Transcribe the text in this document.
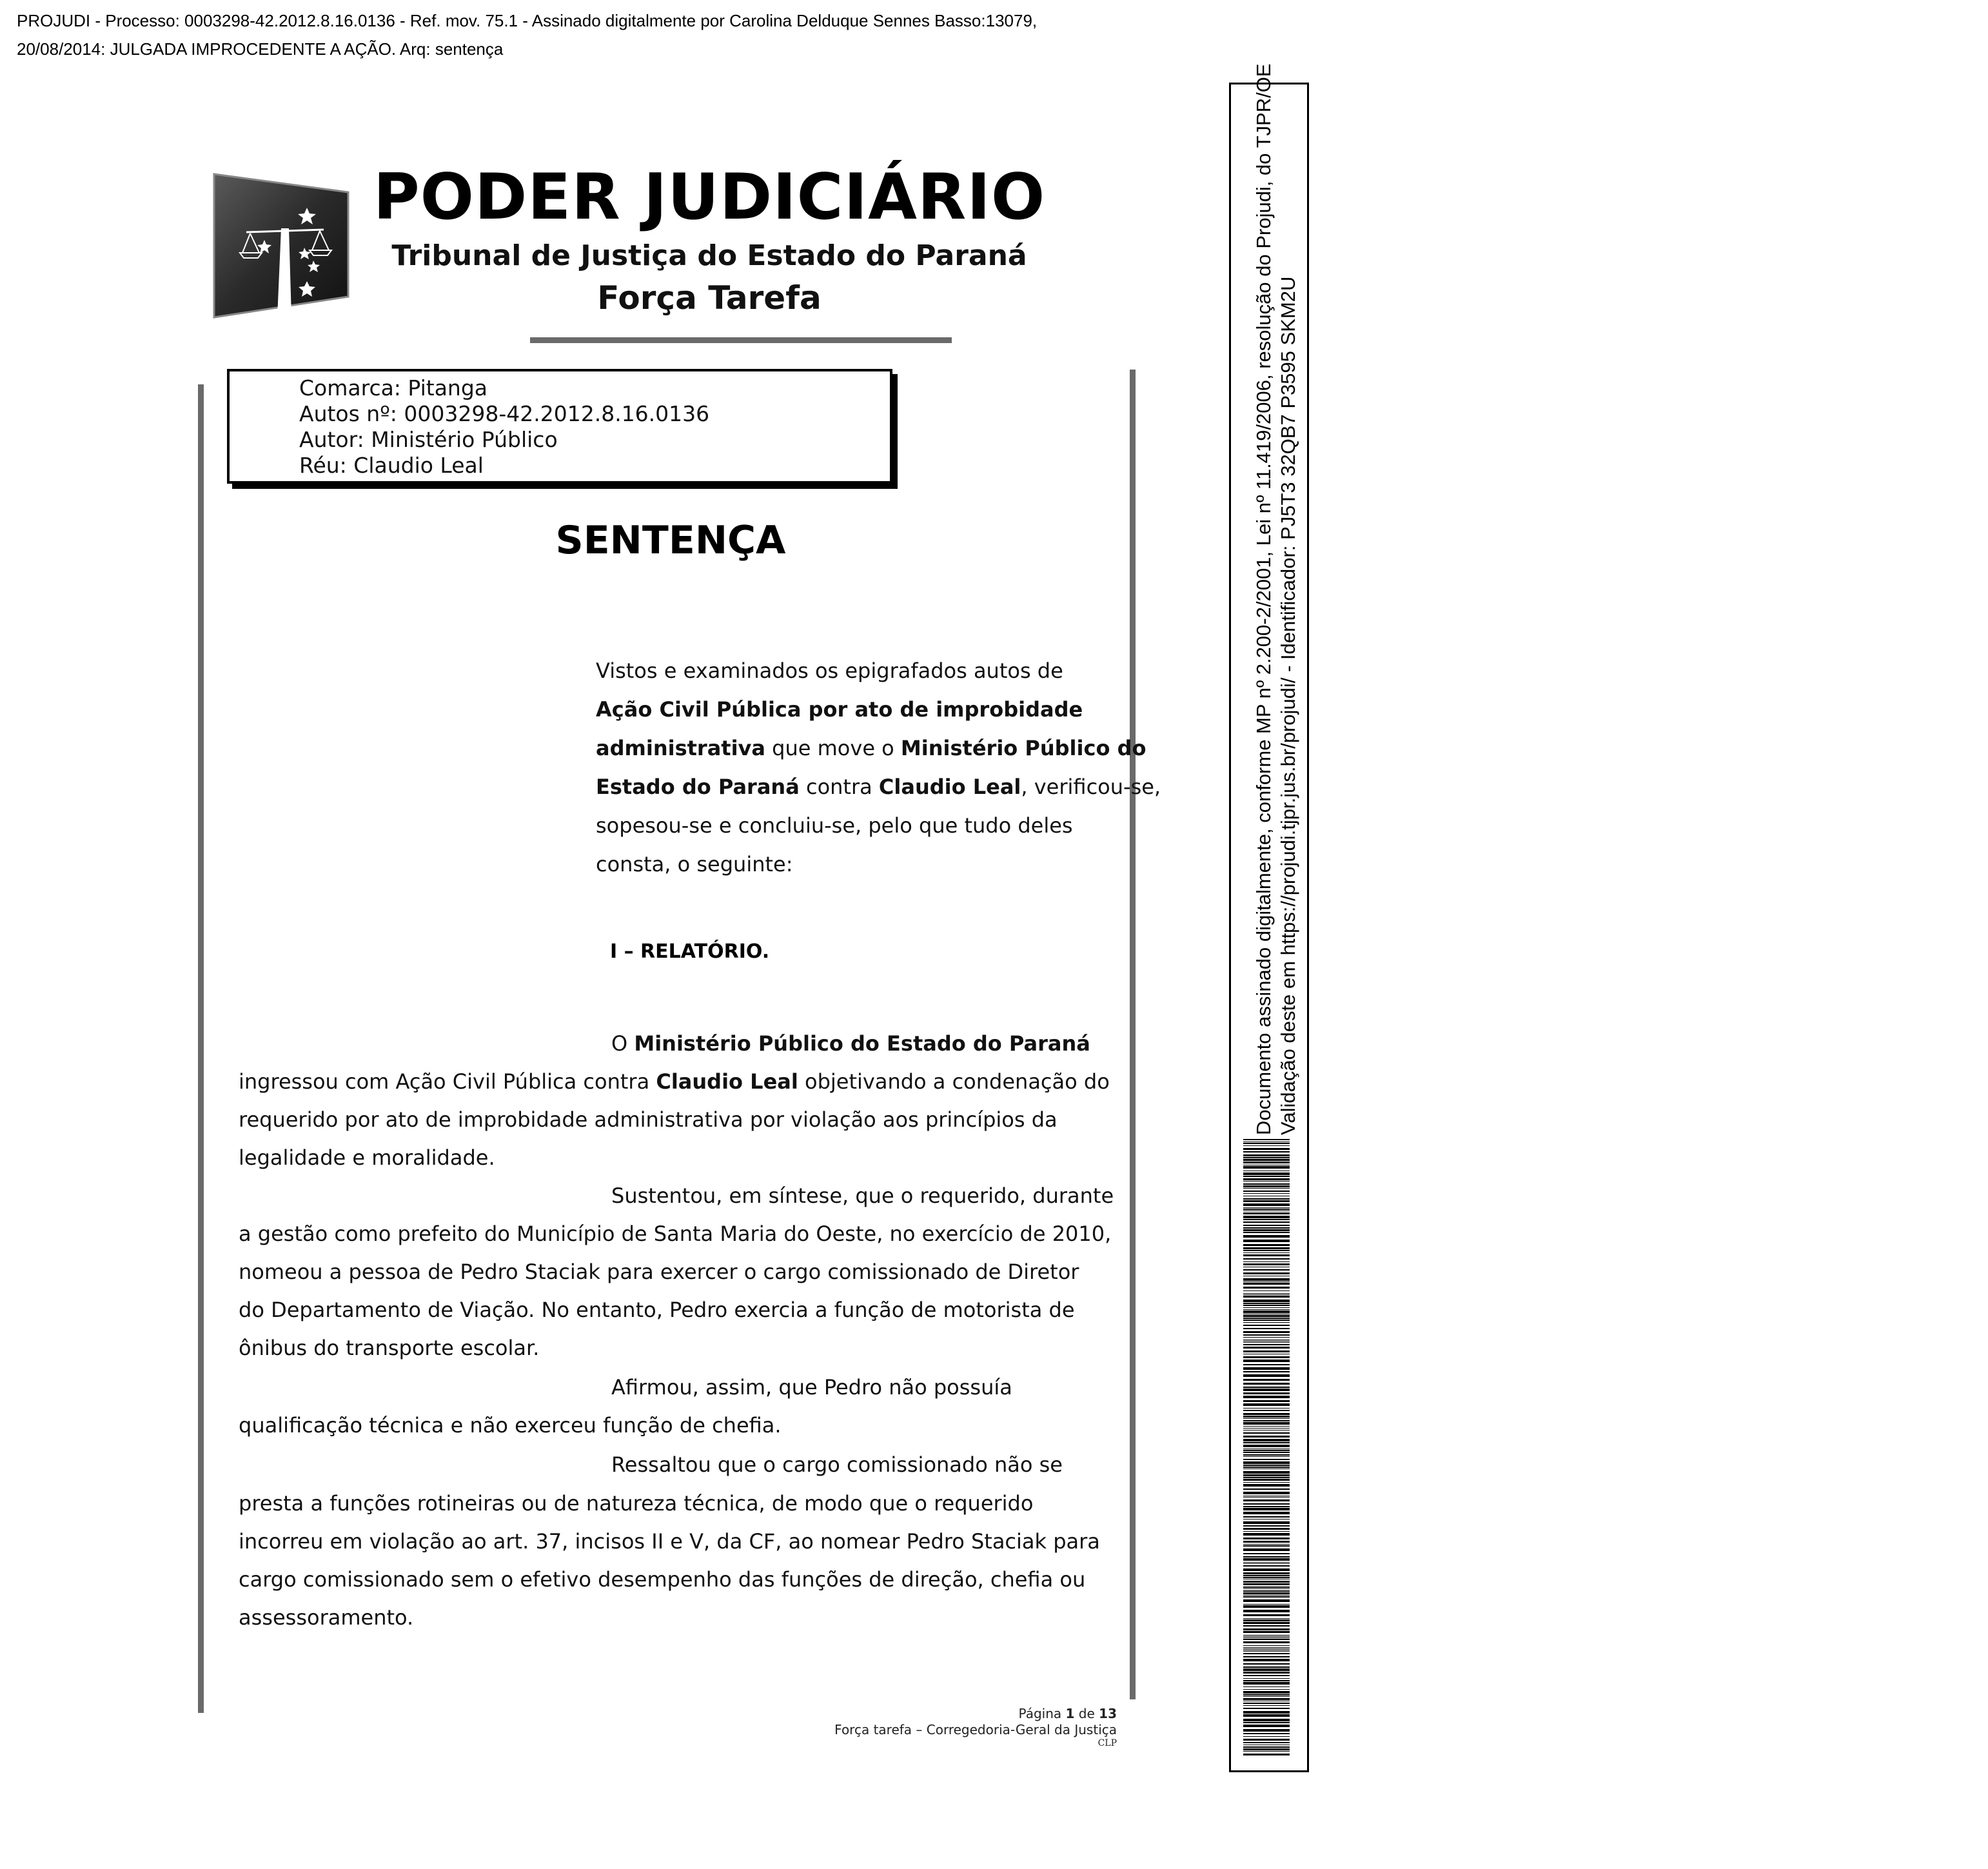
PROJUDI - Processo: 0003298-42.2012.8.16.0136 - Ref. mov. 75.1 - Assinado digitalmente por Carolina Delduque Sennes Basso:13079,
20/08/2014: JULGADA IMPROCEDENTE A AÇÃO. Arq: sentença
PODER JUDICIÁRIO
Tribunal de Justiça do Estado do Paraná
Força Tarefa
Comarca: Pitanga
Autos nº: 0003298-42.2012.8.16.0136
Autor: Ministério Público
Réu: Claudio Leal
SENTENÇA
Vistos e examinados os epigrafados autos de
Ação Civil Pública por ato de improbidade
administrativa que move o Ministério Público do
Estado do Paraná contra Claudio Leal, verificou-se,
sopesou-se e concluiu-se, pelo que tudo deles
consta, o seguinte:
I – RELATÓRIO.
O Ministério Público do Estado do Paraná
ingressou com Ação Civil Pública contra Claudio Leal objetivando a condenação do
requerido por ato de improbidade administrativa por violação aos princípios da
legalidade e moralidade.
Sustentou, em síntese, que o requerido, durante
a gestão como prefeito do Município de Santa Maria do Oeste, no exercício de 2010,
nomeou a pessoa de Pedro Staciak para exercer o cargo comissionado de Diretor
do Departamento de Viação. No entanto, Pedro exercia a função de motorista de
ônibus do transporte escolar.
Afirmou, assim, que Pedro não possuía
qualificação técnica e não exerceu função de chefia.
Ressaltou que o cargo comissionado não se
presta a funções rotineiras ou de natureza técnica, de modo que o requerido
incorreu em violação ao art. 37, incisos II e V, da CF, ao nomear Pedro Staciak para
cargo comissionado sem o efetivo desempenho das funções de direção, chefia ou
assessoramento.
Página 1 de 13
Força tarefa – Corregedoria-Geral da Justiça
CLP
Documento assinado digitalmente, conforme MP nº 2.200-2/2001, Lei nº 11.419/2006, resolução do Projudi, do TJPR/OE Validação deste em https://projudi.tjpr.jus.br/projudi/ - Identificador: PJ5T3 32QB7 P3595 SKM2U
